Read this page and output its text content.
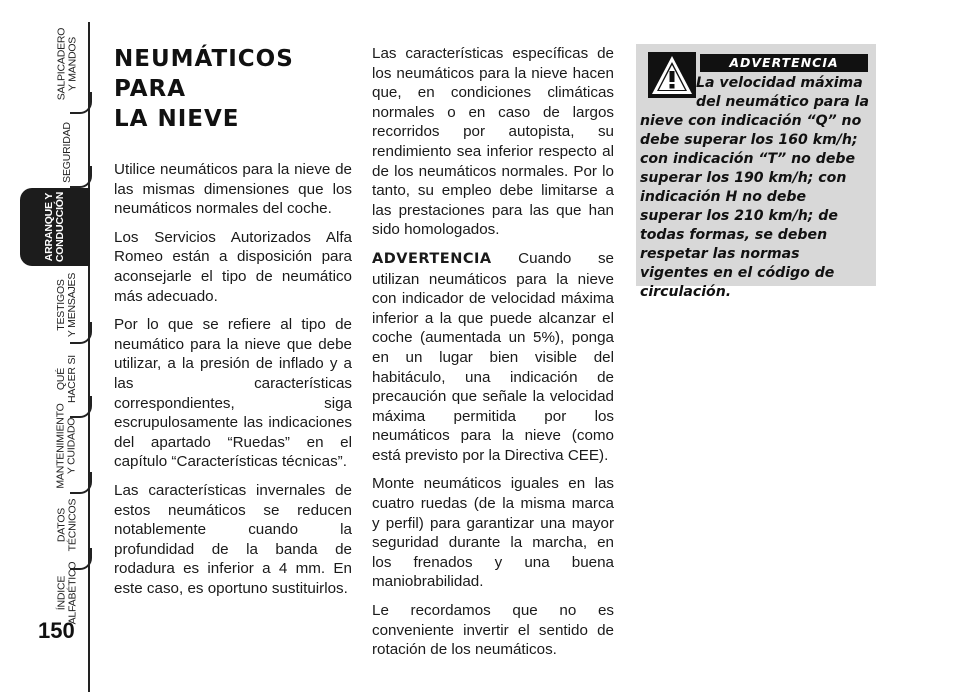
SALPICADERO
Y MANDOS
SEGURIDAD
ARRANQUE Y
CONDUCCIÓN
TESTIGOS
Y MENSAJES
QUÉ
HACER SI
MANTENIMIENTO
Y CUIDADO
DATOS
TÉCNICOS
ÍNDICE
ALFABÉTICO
150
NEUMÁTICOS PARA
LA NIEVE

Utilice neumáticos para la nieve de las mismas dimensiones que los neumáticos normales del coche.

Los Servicios Autorizados Alfa Romeo están a disposición para aconsejarle el tipo de neumático más adecuado.

Por lo que se refiere al tipo de neumático para la nieve que debe utilizar, a la presión de inflado y a las características correspondientes, siga escrupulosamente las indicaciones del apartado “Ruedas” en el capítulo “Características técnicas”.

Las características invernales de estos neumáticos se reducen notablemente cuando la profundidad de la banda de rodadura es inferior a 4 mm. En este caso, es oportuno sustituirlos.

Las características específicas de los neumáticos para la nieve hacen que, en condiciones climáticas normales o en caso de largos recorridos por autopista, su rendimiento sea inferior respecto al de los neumáticos normales. Por lo tanto, su empleo debe limitarse a las prestaciones para las que han sido homologados.

ADVERTENCIA Cuando se utilizan neumáticos para la nieve con indicador de velocidad máxima inferior a la que puede alcanzar el coche (aumentada un 5%), ponga en un lugar bien visible del habitáculo, una indicación de precaución que señale la velocidad máxima permitida por los neumáticos para la nieve (como está previsto por la Directiva CEE).

Monte neumáticos iguales en las cuatro ruedas (de la misma marca y perfil) para garantizar una mayor seguridad durante la marcha, en los frenados y una buena maniobrabilidad.

Le recordamos que no es conveniente invertir el sentido de rotación de los neumáticos.

ADVERTENCIA
La velocidad máxima del neumático para la nieve con indicación “Q” no debe superar los 160 km/h; con indicación “T” no debe superar los 190 km/h; con indicación H no debe superar los 210 km/h; de todas formas, se deben respetar las normas vigentes en el código de circulación.
